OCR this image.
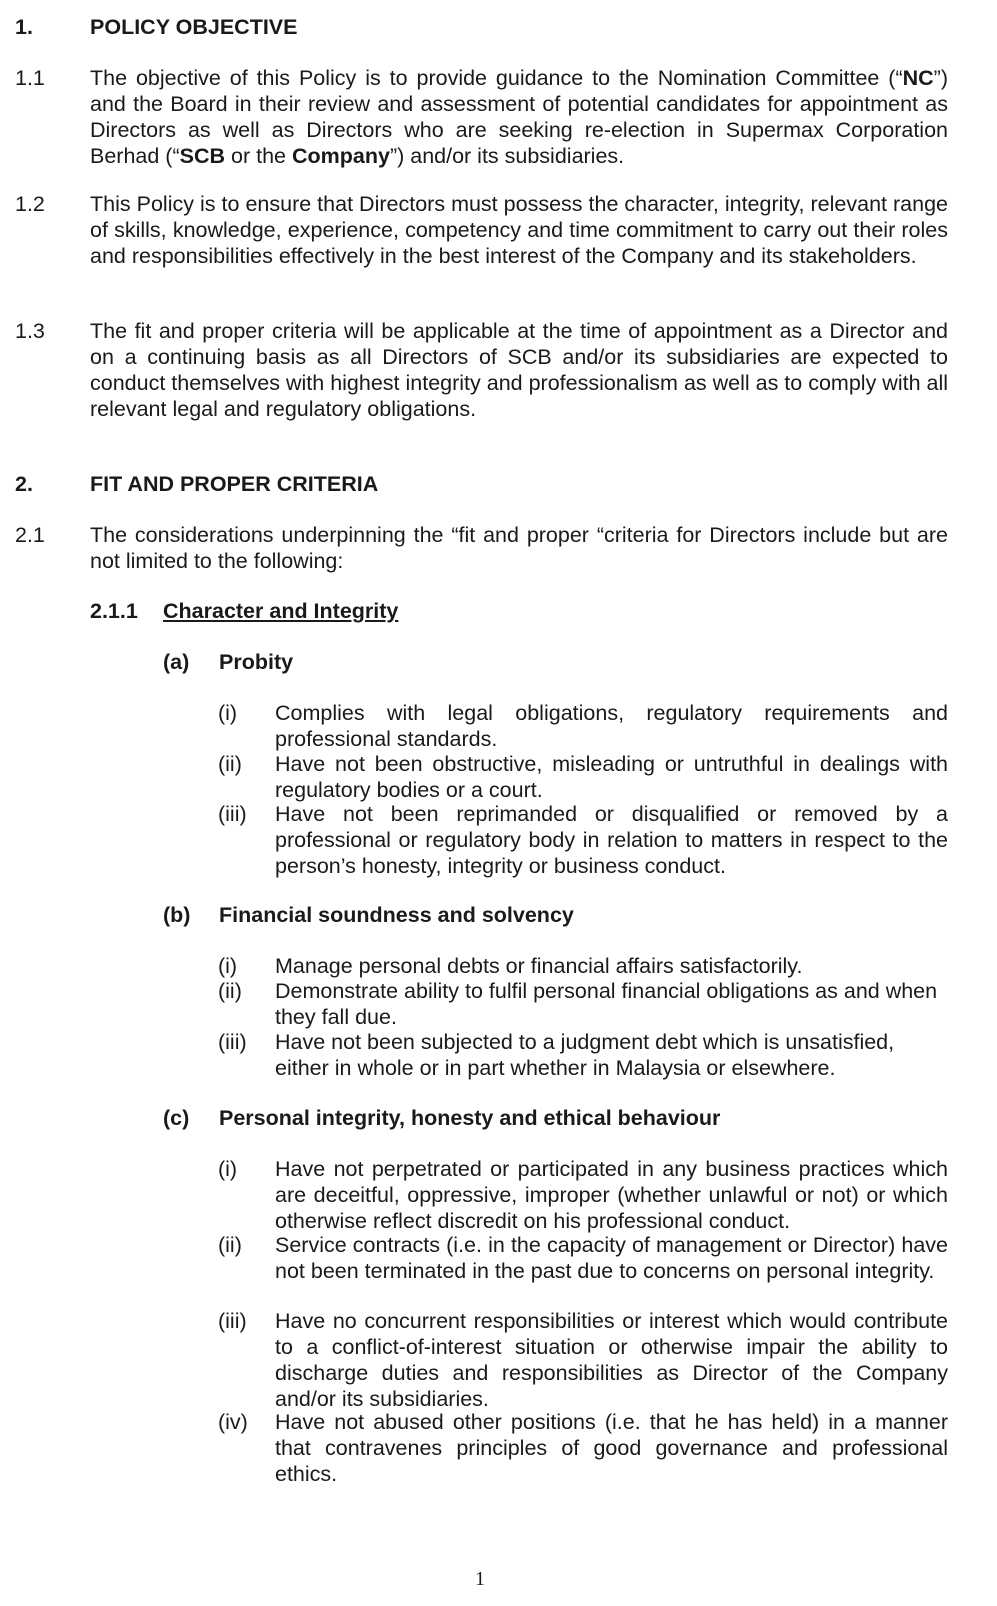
1.	POLICY OBJECTIVE
1.1 The objective of this Policy is to provide guidance to the Nomination Committee (“NC”) and the Board in their review and assessment of potential candidates for appointment as Directors as well as Directors who are seeking re-election in Supermax Corporation Berhad (“SCB or the Company”) and/or its subsidiaries.
1.2 This Policy is to ensure that Directors must possess the character, integrity, relevant range of skills, knowledge, experience, competency and time commitment to carry out their roles and responsibilities effectively in the best interest of the Company and its stakeholders.
1.3 The fit and proper criteria will be applicable at the time of appointment as a Director and on a continuing basis as all Directors of SCB and/or its subsidiaries are expected to conduct themselves with highest integrity and professionalism as well as to comply with all relevant legal and regulatory obligations.
2.	FIT AND PROPER CRITERIA
2.1 The considerations underpinning the “fit and proper “criteria for Directors include but are not limited to the following:
2.1.1 Character and Integrity
(a) Probity
(i) Complies with legal obligations, regulatory requirements and professional standards.
(ii) Have not been obstructive, misleading or untruthful in dealings with regulatory bodies or a court.
(iii) Have not been reprimanded or disqualified or removed by a professional or regulatory body in relation to matters in respect to the person’s honesty, integrity or business conduct.
(b) Financial soundness and solvency
(i) Manage personal debts or financial affairs satisfactorily.
(ii) Demonstrate ability to fulfil personal financial obligations as and when they fall due.
(iii) Have not been subjected to a judgment debt which is unsatisfied, either in whole or in part whether in Malaysia or elsewhere.
(c) Personal integrity, honesty and ethical behaviour
(i) Have not perpetrated or participated in any business practices which are deceitful, oppressive, improper (whether unlawful or not) or which otherwise reflect discredit on his professional conduct.
(ii) Service contracts (i.e. in the capacity of management or Director) have not been terminated in the past due to concerns on personal integrity.
(iii) Have no concurrent responsibilities or interest which would contribute to a conflict-of-interest situation or otherwise impair the ability to discharge duties and responsibilities as Director of the Company and/or its subsidiaries.
(iv) Have not abused other positions (i.e. that he has held) in a manner that contravenes principles of good governance and professional ethics.
1
